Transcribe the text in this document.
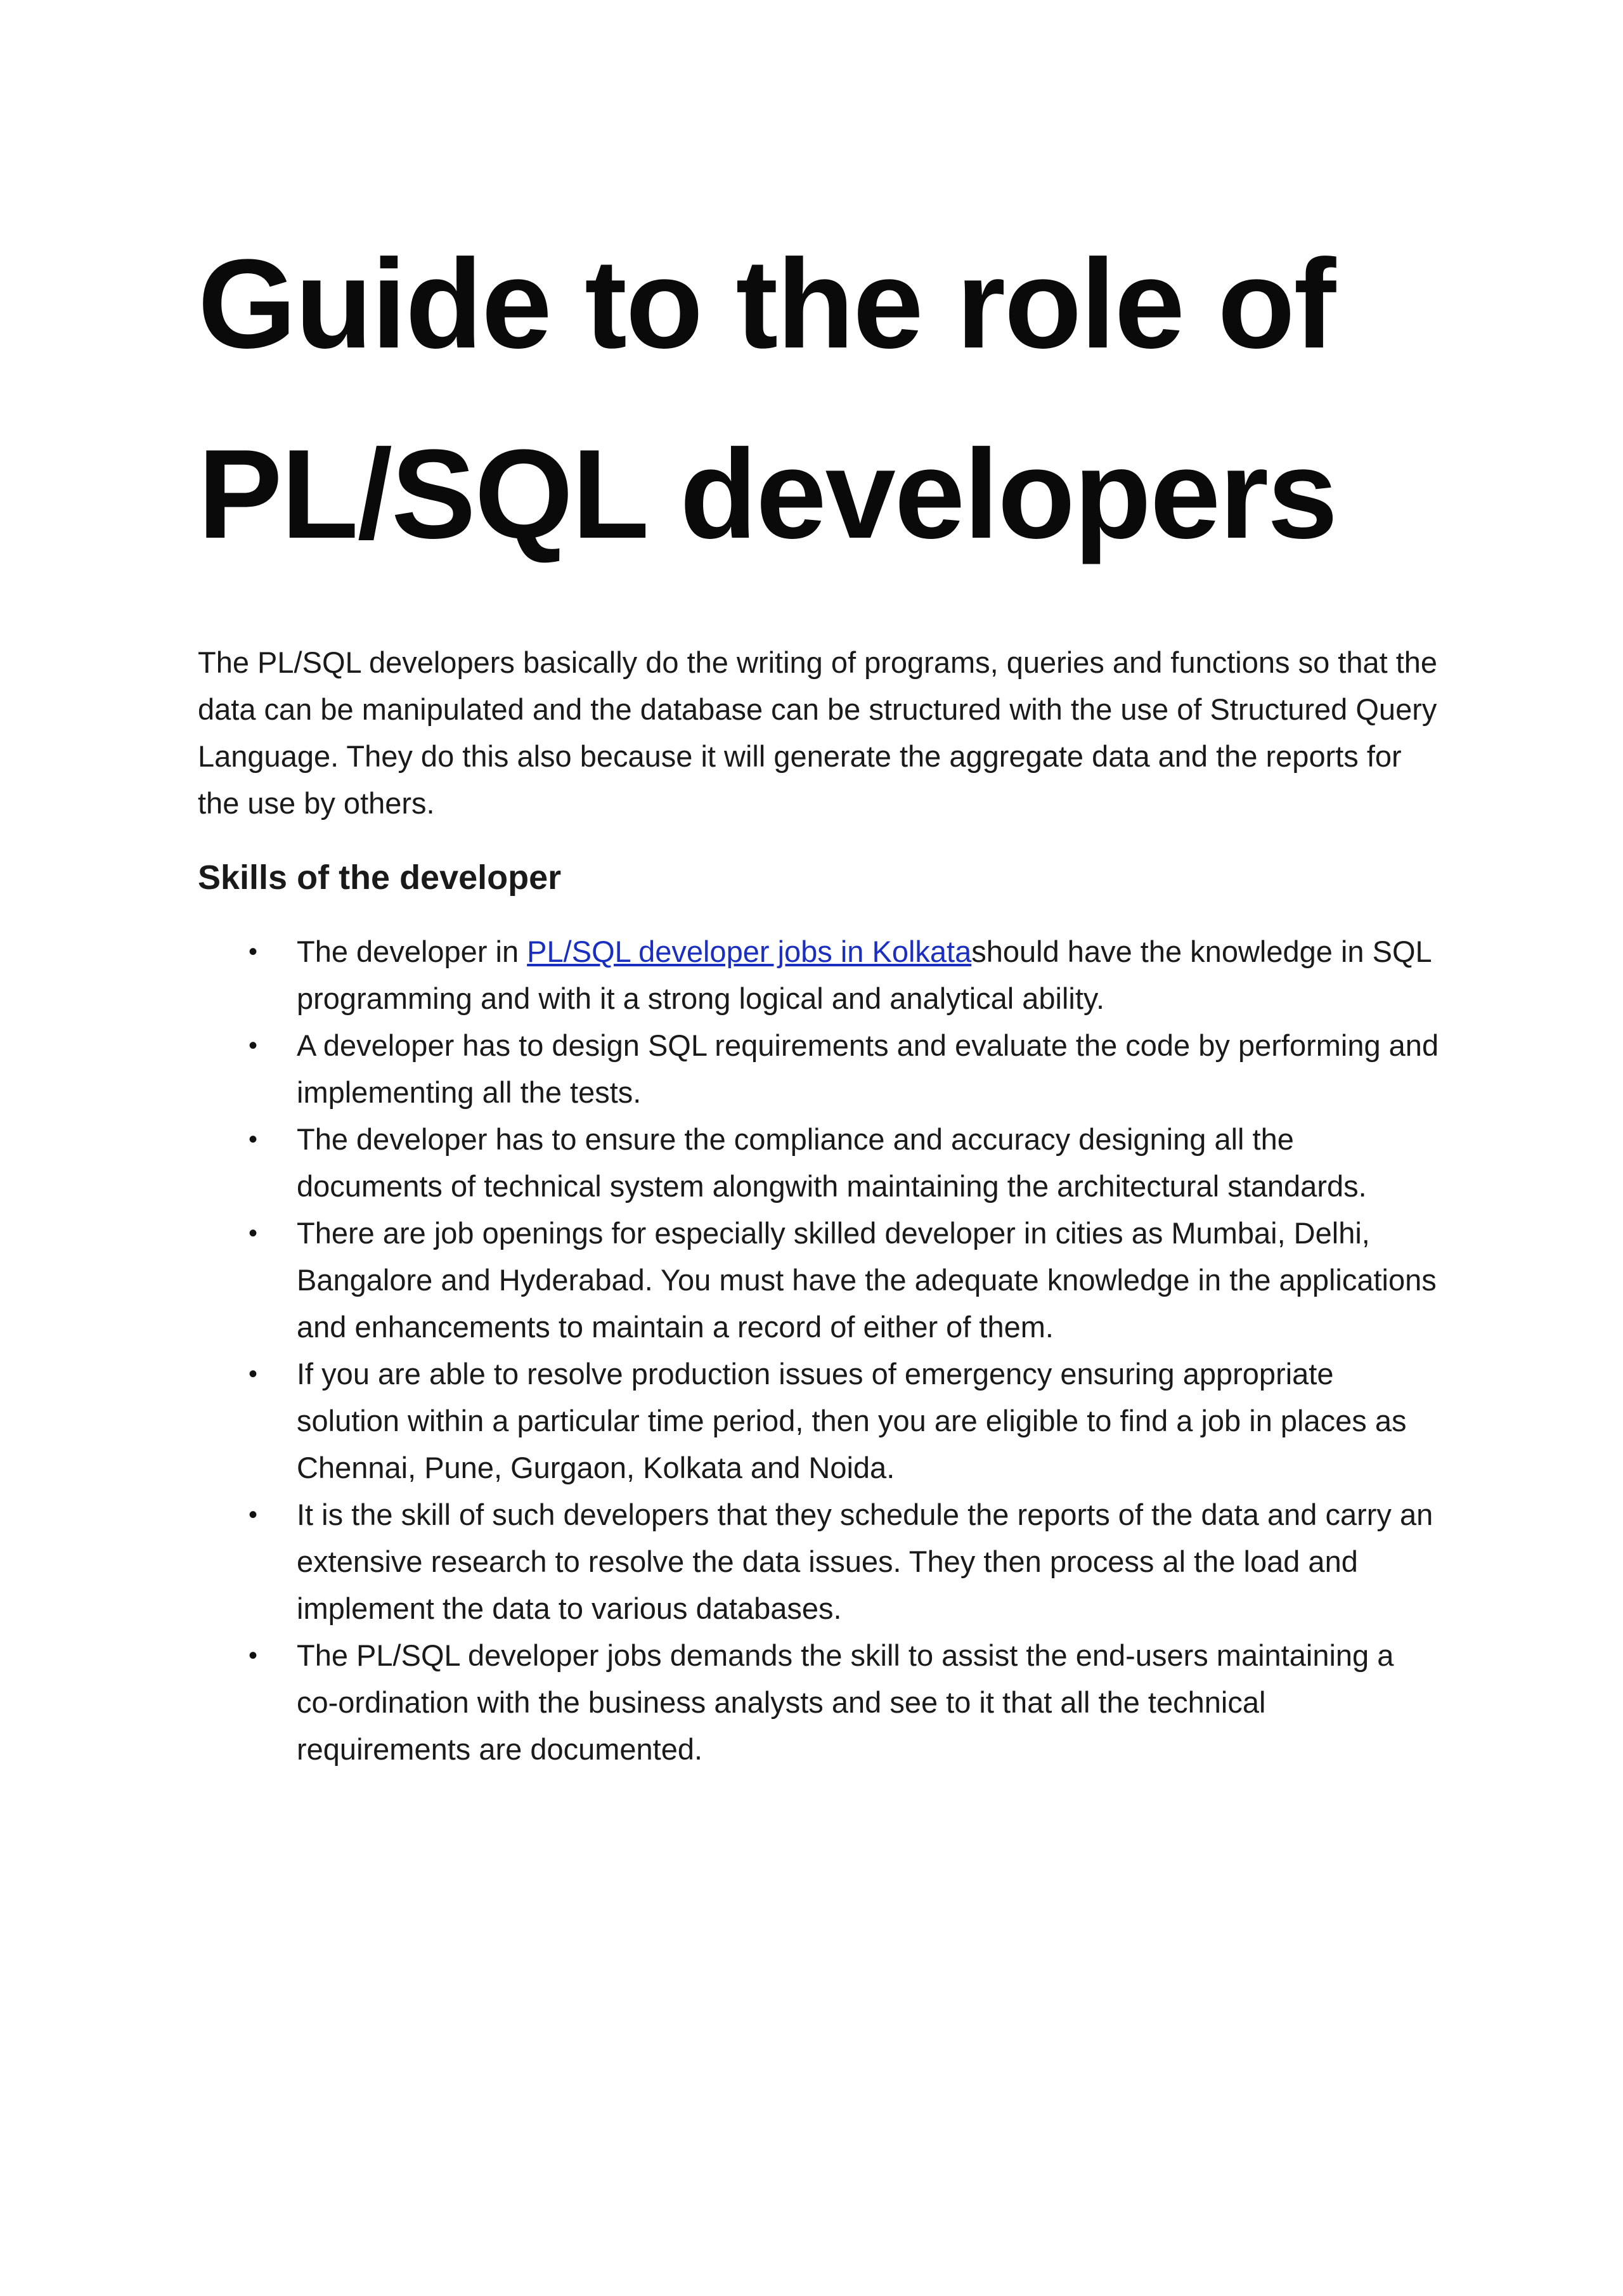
Guide to the role of
PL/SQL developers

The PL/SQL developers basically do the writing of programs, queries and functions so that the data can be manipulated and the database can be structured with the use of Structured Query Language. They do this also because it will generate the aggregate data and the reports for the use by others.

Skills of the developer
• The developer in PL/SQL developer jobs in Kolkatashould have the knowledge in SQL programming and with it a strong logical and analytical ability.
• A developer has to design SQL requirements and evaluate the code by performing and implementing all the tests.
• The developer has to ensure the compliance and accuracy designing all the documents of technical system alongwith maintaining the architectural standards.
• There are job openings for especially skilled developer in cities as Mumbai, Delhi, Bangalore and Hyderabad. You must have the adequate knowledge in the applications and enhancements to maintain a record of either of them.
• If you are able to resolve production issues of emergency ensuring appropriate solution within a particular time period, then you are eligible to find a job in places as Chennai, Pune, Gurgaon, Kolkata and Noida.
• It is the skill of such developers that they schedule the reports of the data and carry an extensive research to resolve the data issues. They then process al the load and implement the data to various databases.
• The PL/SQL developer jobs demands the skill to assist the end-users maintaining a co-ordination with the business analysts and see to it that all the technical requirements are documented.
